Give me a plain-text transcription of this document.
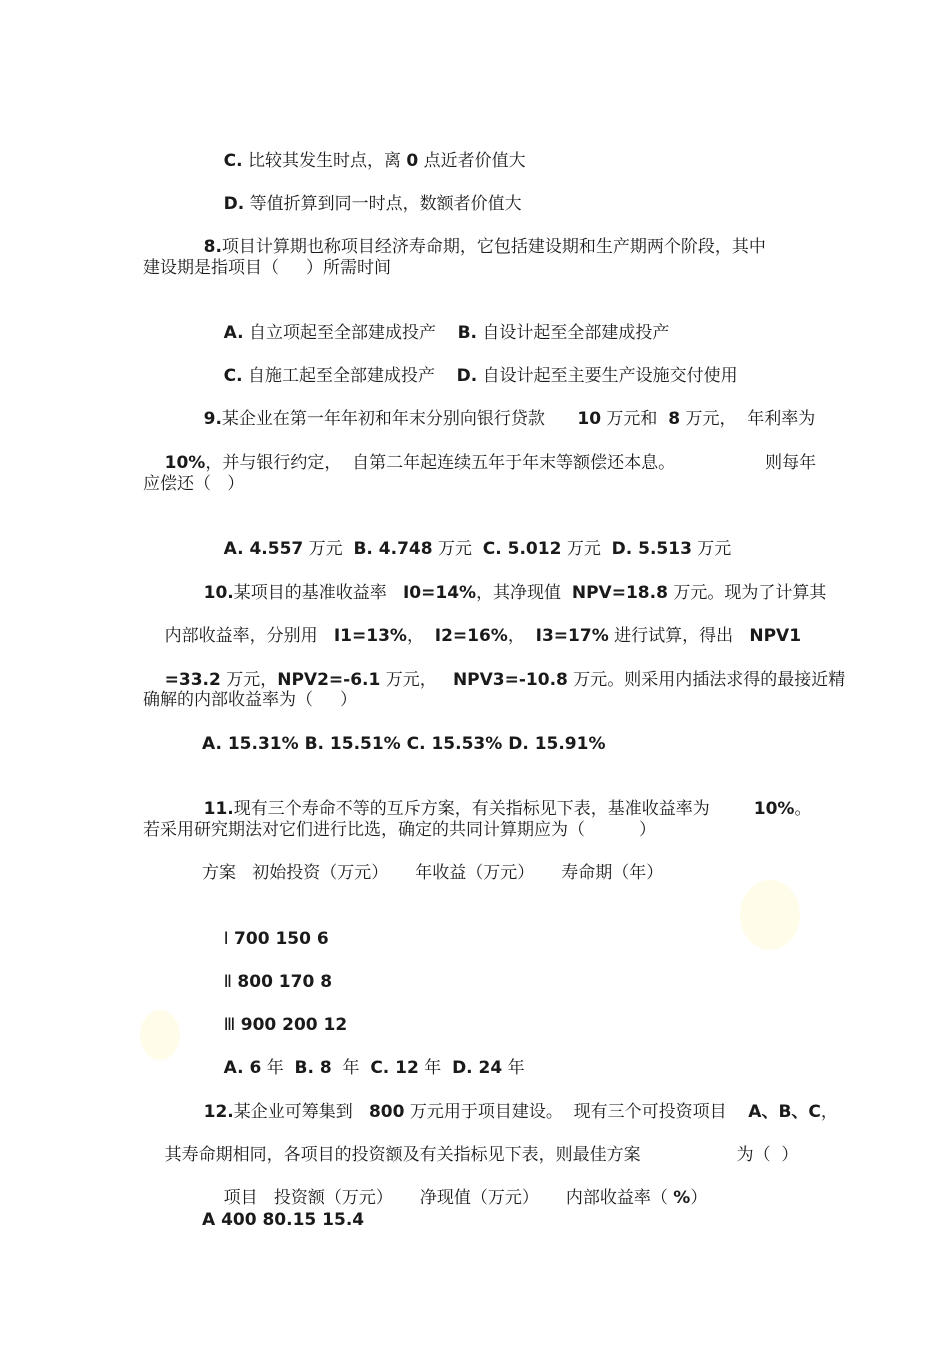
C. 比较其发生时点，离 0 点近者价值大

D. 等值折算到同一时点，数额者价值大

8.项目计算期也称项目经济寿命期，它包括建设期和生产期两个阶段，其中

建设期是指项目（     ）所需时间

A. 自立项起至全部建成投产    B. 自设计起至全部建成投产

C. 自施工起至全部建成投产    D. 自设计起至主要生产设施交付使用

9.某企业在第一年年初和年末分别向银行贷款      10 万元和  8 万元，  年利率为

10%，并与银行约定，  自第二年起连续五年于年末等额偿还本息。	则每年

应偿还（   ）

A. 4.557 万元  B. 4.748 万元  C. 5.012 万元  D. 5.513 万元

10.某项目的基准收益率   I0=14%，其净现值  NPV=18.8 万元。现为了计算其

内部收益率，分别用   I1=13%，  I2=16%，  I3=17% 进行试算，得出   NPV1

=33.2 万元，NPV2=-6.1 万元，   NPV3=-10.8 万元。则采用内插法求得的最接近精

确解的内部收益率为（     ）
A. 15.31% B. 15.51% C. 15.53% D. 15.91%

11.现有三个寿命不等的互斥方案，有关指标见下表，基准收益率为	10%。

若采用研究期法对它们进行比选，确定的共同计算期应为（          ）
方案   初始投资（万元）     年收益（万元）     寿命期（年）

Ⅰ 700 150 6

Ⅱ 800 170 8

Ⅲ 900 200 12

A. 6 年  B. 8  年  C. 12 年  D. 24 年

12.某企业可筹集到   800 万元用于项目建设。  现有三个可投资项目    A、B、C，

其寿命期相同，各项目的投资额及有关指标见下表，则最佳方案	为（  ）

项目   投资额（万元）     净现值（万元）     内部收益率（ %）

A 400 80.15 15.4
